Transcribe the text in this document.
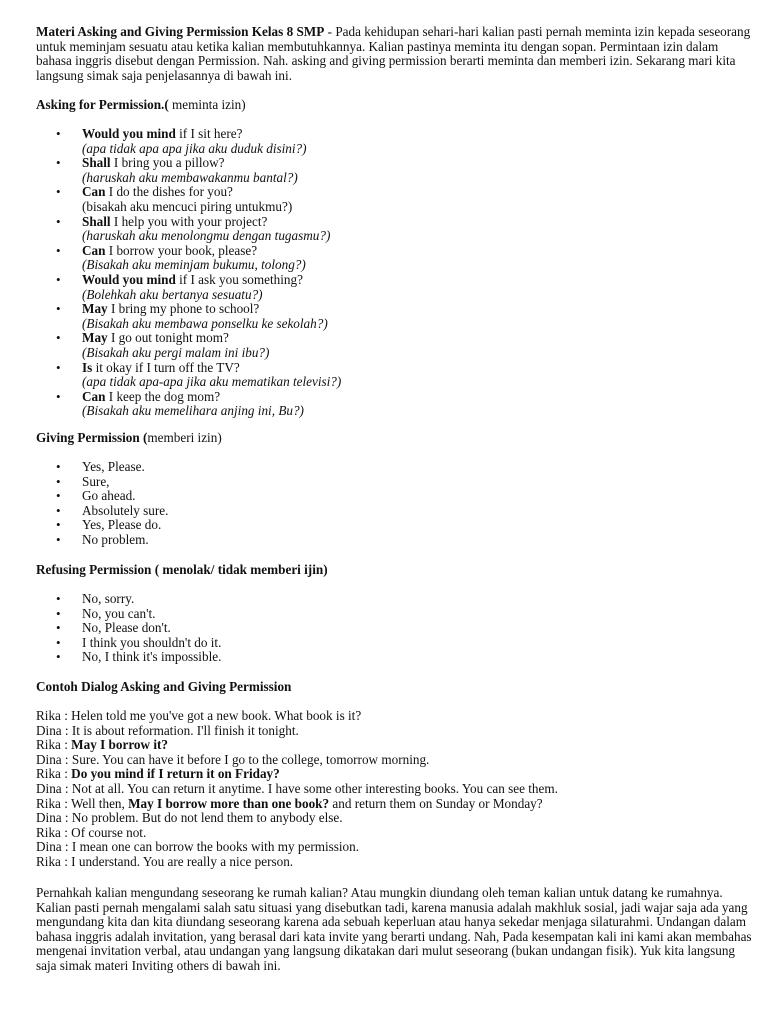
Materi Asking and Giving Permission Kelas 8 SMP - Pada kehidupan sehari-hari kalian pasti pernah meminta izin kepada seseorang untuk meminjam sesuatu atau ketika kalian membutuhkannya. Kalian pastinya meminta itu dengan sopan. Permintaan izin dalam bahasa inggris disebut dengan Permission. Nah. asking and giving permission berarti meminta dan memberi izin. Sekarang mari kita langsung simak saja penjelasannya di bawah ini.

Asking for Permission.( meminta izin)

• Would you mind if I sit here?
(apa tidak apa apa jika aku duduk disini?)
• Shall I bring you a pillow?
(haruskah aku membawakanmu bantal?)
• Can I do the dishes for you?
(bisakah aku mencuci piring untukmu?)
• Shall I help you with your project?
(haruskah aku menolongmu dengan tugasmu?)
• Can I borrow your book, please?
(Bisakah aku meminjam bukumu, tolong?)
• Would you mind if I ask you something?
(Bolehkah aku bertanya sesuatu?)
• May I bring my phone to school?
(Bisakah aku membawa ponselku ke sekolah?)
• May I go out tonight mom?
(Bisakah aku pergi malam ini ibu?)
• Is it okay if I turn off the TV?
(apa tidak apa-apa jika aku mematikan televisi?)
• Can I keep the dog mom?
(Bisakah aku memelihara anjing ini, Bu?)

Giving Permission (memberi izin)

• Yes, Please.
• Sure,
• Go ahead.
• Absolutely sure.
• Yes, Please do.
• No problem.

Refusing Permission ( menolak/ tidak memberi ijin)

• No, sorry.
• No, you can't.
• No, Please don't.
• I think you shouldn't do it.
• No, I think it's impossible.

Contoh Dialog Asking and Giving Permission

Rika : Helen told me you've got a new book. What book is it?
Dina : It is about reformation. I'll finish it tonight.
Rika : May I borrow it?
Dina : Sure. You can have it before I go to the college, tomorrow morning.
Rika : Do you mind if I return it on Friday?
Dina : Not at all. You can return it anytime. I have some other interesting books. You can see them.
Rika : Well then, May I borrow more than one book? and return them on Sunday or Monday?
Dina : No problem. But do not lend them to anybody else.
Rika : Of course not.
Dina : I mean one can borrow the books with my permission.
Rika : I understand. You are really a nice person.

Pernahkah kalian mengundang seseorang ke rumah kalian? Atau mungkin diundang oleh teman kalian untuk datang ke rumahnya. Kalian pasti pernah mengalami salah satu situasi yang disebutkan tadi, karena manusia adalah makhluk sosial, jadi wajar saja ada yang mengundang kita dan kita diundang seseorang karena ada sebuah keperluan atau hanya sekedar menjaga silaturahmi. Undangan dalam bahasa inggris adalah invitation, yang berasal dari kata invite yang berarti undang. Nah, Pada kesempatan kali ini kami akan membahas mengenai invitation verbal, atau undangan yang langsung dikatakan dari mulut seseorang (bukan undangan fisik). Yuk kita langsung saja simak materi Inviting others di bawah ini.
